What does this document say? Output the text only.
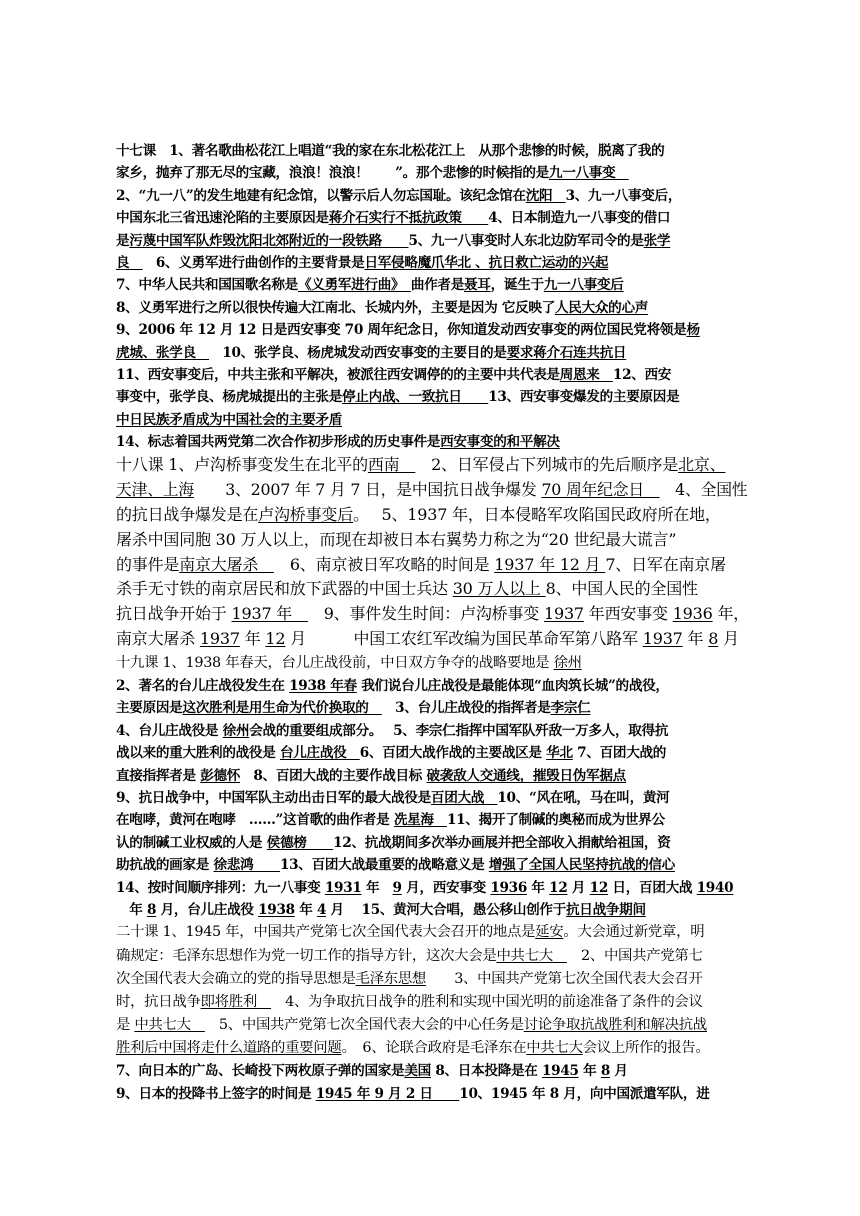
十七课　1、著名歌曲松花江上唱道“我的家在东北松花江上　从那个悲惨的时候，脱离了我的
家乡，抛弃了那无尽的宝藏，浪浪！浪浪！　　”。那个悲惨的时候指的是九一八事变　
2、“九一八”的发生地建有纪念馆，以警示后人勿忘国耻。该纪念馆在沈阳　3、九一八事变后，
中国东北三省迅速沦陷的主要原因是蒋介石实行不抵抗政策　　4、日本制造九一八事变的借口
是污蔑中国军队炸毁沈阳北郊附近的一段铁路　　5、九一八事变时人东北边防军司令的是张学
良　　6、义勇军进行曲创作的主要背景是日军侵略魔爪华北 、抗日救亡运动的兴起
7、中华人民共和国国歌名称是《义勇军进行曲》　曲作者是聂耳，诞生于九一八事变后
8、义勇军进行之所以很快传遍大江南北、长城内外，主要是因为 它反映了人民大众的心声
9、2006 年 12 月 12 日是西安事变 70 周年纪念日，你知道发动西安事变的两位国民党将领是杨
虎城、张学良　　10、张学良、杨虎城发动西安事变的主要目的是要求蒋介石连共抗日
11、西安事变后，中共主张和平解决，被派往西安调停的的主要中共代表是周恩来　12、西安
事变中，张学良、杨虎城提出的主张是停止内战、一致抗日　　13、西安事变爆发的主要原因是
中日民族矛盾成为中国社会的主要矛盾
14、标志着国共两党第二次合作初步形成的历史事件是西安事变的和平解决
十八课 1、卢沟桥事变发生在北平的西南　　2、日军侵占下列城市的先后顺序是北京、
天津、上海　　3、2007 年 7 月 7 日，是中国抗日战争爆发 70 周年纪念日　　4、全国性
的抗日战争爆发是在卢沟桥事变后。　 5、1937 年，日本侵略军攻陷国民政府所在地，
屠杀中国同胞 30 万人以上，而现在却被日本右翼势力称之为“20 世纪最大谎言”
的事件是南京大屠杀　　6、南京被日军攻略的时间是 1937 年 12 月 7、日军在南京屠
杀手无寸铁的南京居民和放下武器的中国士兵达 30 万人以上 8、中国人民的全国性
抗日战争开始于 1937 年　　9、事件发生时间：卢沟桥事变 1937 年西安事变 1936 年，
南京大屠杀 1937 年 12 月　　　中国工农红军改编为国民革命军第八路军 1937 年 8 月
十九课 1、1938 年春天，台儿庄战役前，中日双方争夺的战略要地是 徐州
2、著名的台儿庄战役发生在 1938 年春 我们说台儿庄战役是最能体现“血肉筑长城”的战役，
主要原因是这次胜利是用生命为代价换取的　　3、台儿庄战役的指挥者是李宗仁
4、台儿庄战役是 徐州会战的重要组成部分。　 5、李宗仁指挥中国军队歼敌一万多人，取得抗
战以来的重大胜利的战役是 台儿庄战役　6、百团大战作战的主要战区是 华北 7、百团大战的
直接指挥者是 彭德怀　8、百团大战的主要作战目标 破袭敌人交通线，摧毁日伪军据点
9、抗日战争中，中国军队主动出击日军的最大战役是百团大战　10、“风在吼，马在叫，黄河
在咆哮，黄河在咆哮　……”这首歌的曲作者是 冼星海　11、揭开了制碱的奥秘而成为世界公
认的制碱工业权威的人是 侯德榜　　12、抗战期间多次举办画展并把全部收入捐献给祖国，资
助抗战的画家是 徐悲鸿　　13、百团大战最重要的战略意义是 增强了全国人民坚持抗战的信心
14、按时间顺序排列：九一八事变 1931 年　9 月，西安事变 1936 年 12 月 12 日，百团大战 1940
　年 8 月，台儿庄战役 1938 年 4 月　 15、黄河大合唱，愚公移山创作于抗日战争期间
二十课 1、1945 年，中国共产党第七次全国代表大会召开的地点是延安。大会通过新党章，明
确规定：毛泽东思想作为党一切工作的指导方针，这次大会是中共七大　　2、中国共产党第七
次全国代表大会确立的党的指导思想是毛泽东思想　　3、中国共产党第七次全国代表大会召开
时，抗日战争即将胜利　　4、为争取抗日战争的胜利和实现中国光明的前途准备了条件的会议
是 中共七大　　5、中国共产党第七次全国代表大会的中心任务是讨论争取抗战胜利和解决抗战
胜利后中国将走什么道路的重要问题。　6、论联合政府是毛泽东在中共七大会议上所作的报告。
7、向日本的广岛、长崎投下两枚原子弹的国家是美国 8、日本投降是在 1945 年 8 月
9、日本的投降书上签字的时间是 1945 年 9 月 2 日　　10、1945 年 8 月，向中国派遣军队，进
